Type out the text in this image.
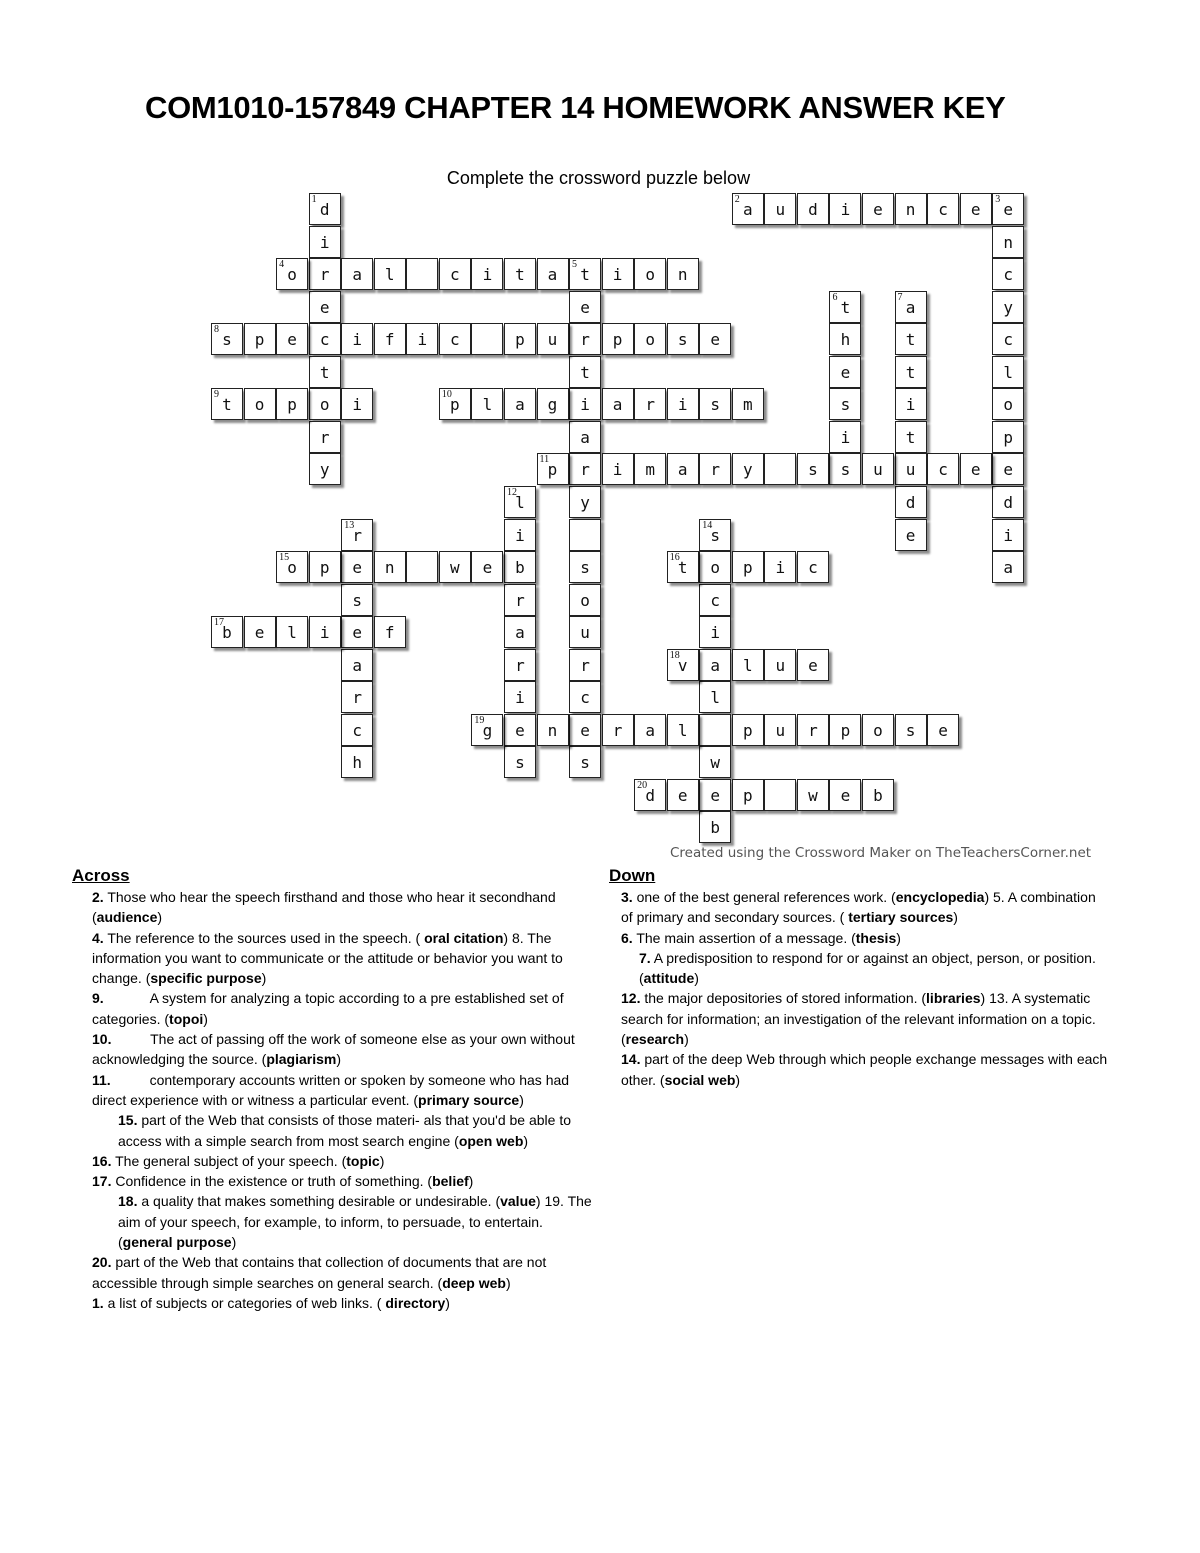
COM1010-157849 CHAPTER 14 HOMEWORK ANSWER KEY
Complete the crossword puzzle below
d
1
i
r
e
c
t
o
r
y
a
2
u	d	i	e	n	c	e	e
3
n
c
y
c
l
o
p
e
d
i
a
o
4
a	l	c	i	t	a	t
5
i	o	n
e
r
t
i
a
r
y
s
o
u
r
c
e
s
t
6
h
e
s
i
s
a
7
t
t
i
t
u
d
e
s
8
p	e	i	f	i	c	p	u	p	o	s	e
t
9
o	p	i	p
10
l	a	g	a	r	i	s	m
p
11
i	m	a	r	y	s	u	c	e
l
12
i
b
r
a
r
i
e
s
r
13
e
s
e
a
r
c
h
s
14
o
c
i
a
l
w
e
b
o
15
p	n	w	e	t
16
p	i	c
b
17
e	l	i	f
v
18
l	u	e
g
19
n	r	a	l	p	u	r	p	o	s	e
d
20
e	p	w	e	b
Created using the Crossword Maker on TheTeachersCorner.net
Across

2. Those who hear the speech firsthand and those who hear it secondhand (audience)

4. The reference to the sources used in the speech. ( oral citation) 8. The information you want to communicate or the attitude or behavior you want to change. (specific purpose)

9.            A system for analyzing a topic according to a pre established set of categories. (topoi)

10.          The act of passing off the work of someone else as your own without acknowledging the source. (plagiarism)

11.          contemporary accounts written or spoken by someone who has had direct experience with or witness a particular event. (primary source)

15. part of the Web that consists of those materi- als that you'd be able to access with a simple search from most search engine (open web)

16. The general subject of your speech. (topic)

17. Confidence in the existence or truth of something. (belief)

18. a quality that makes something desirable or undesirable. (value) 19. The aim of your speech, for example, to inform, to persuade, to entertain. (general purpose)

20. part of the Web that contains that collection of documents that are not accessible through simple searches on general search. (deep web)

1. a list of subjects or categories of web links. ( directory)

Down

3. one of the best general references work. (encyclopedia) 5. A combination of primary and secondary sources. ( tertiary sources)

6. The main assertion of a message. (thesis)

7. A predisposition to respond for or against an object, person, or position. (attitude)

12. the major depositories of stored information. (libraries) 13. A systematic search for information; an investigation of the relevant information on a topic. (research)

14. part of the deep Web through which people exchange messages with each other. (social web)
